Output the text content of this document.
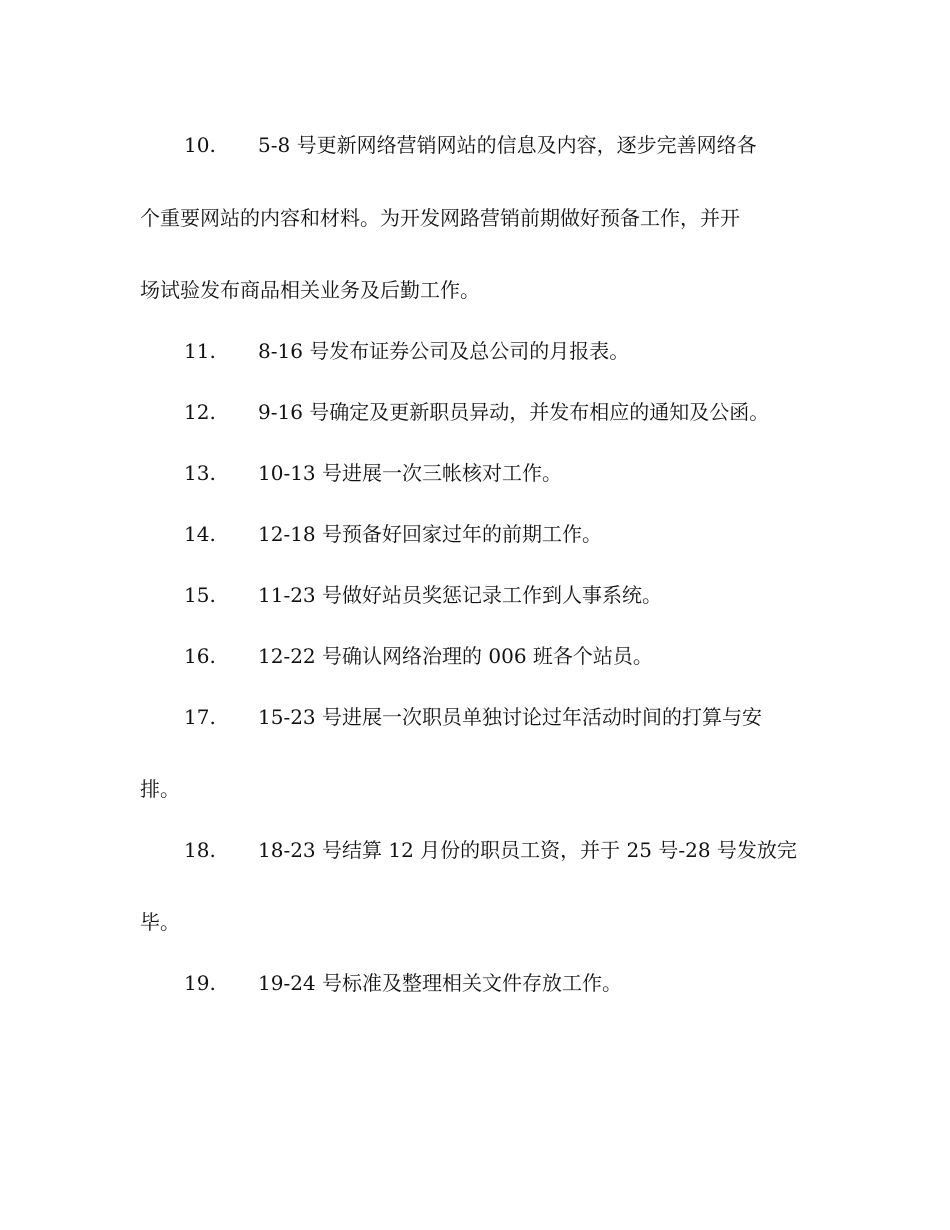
10. 5-8 号更新网络营销网站的信息及内容，逐步完善网络各
个重要网站的内容和材料。为开发网路营销前期做好预备工作，并开
场试验发布商品相关业务及后勤工作。
11. 8-16 号发布证券公司及总公司的月报表。
12. 9-16 号确定及更新职员异动，并发布相应的通知及公函。
13. 10-13 号进展一次三帐核对工作。
14. 12-18 号预备好回家过年的前期工作。
15. 11-23 号做好站员奖惩记录工作到人事系统。
16. 12-22 号确认网络治理的 006 班各个站员。
17. 15-23 号进展一次职员单独讨论过年活动时间的打算与安
排。
18. 18-23 号结算 12 月份的职员工资，并于 25 号-28 号发放完
毕。
19. 19-24 号标准及整理相关文件存放工作。
